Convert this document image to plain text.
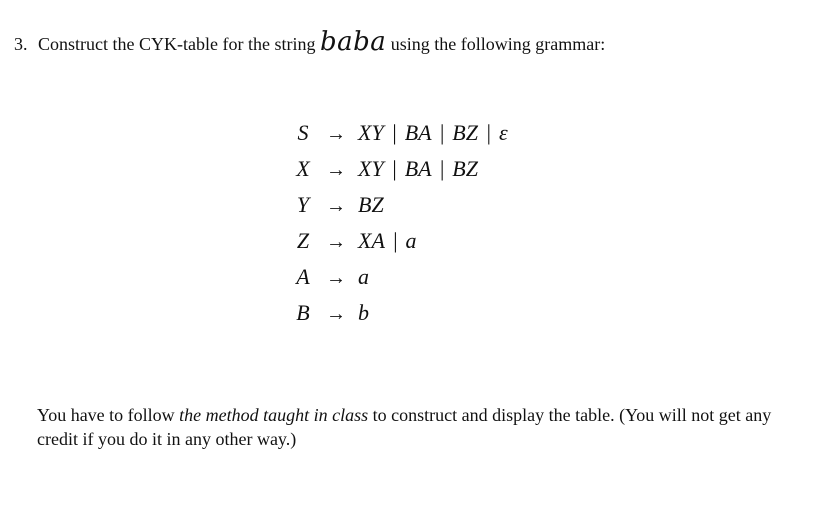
3. Construct the CYK-table for the string baba using the following grammar:
S → XY | BA | BZ | ε
X → XY | BA | BZ
Y → BZ
Z → XA | a
A → a
B → b
You have to follow the method taught in class to construct and display the table. (You will not get any credit if you do it in any other way.)
